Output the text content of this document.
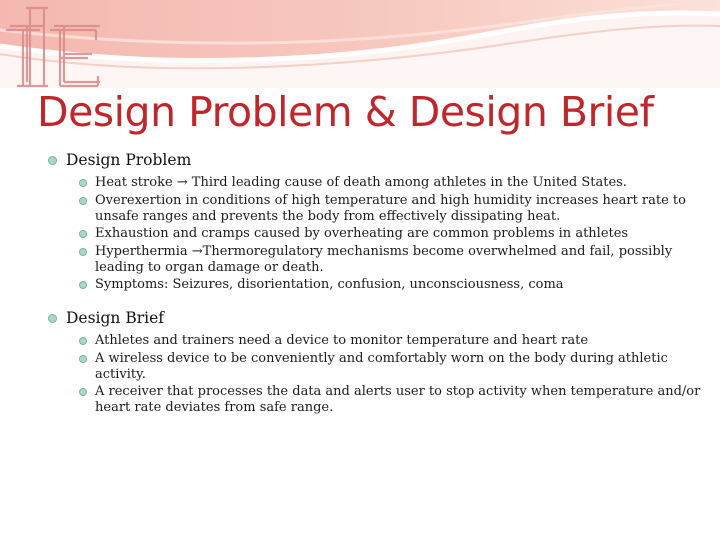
Design Problem & Design Brief
Design Problem
Heat stroke → Third leading cause of death among athletes in the United States.
Overexertion in conditions of high temperature and high humidity increases heart rate to unsafe ranges and prevents the body from effectively dissipating heat.
Exhaustion and cramps caused by overheating are common problems in athletes
Hyperthermia →Thermoregulatory mechanisms become overwhelmed and fail, possibly leading to organ damage or death.
Symptoms: Seizures, disorientation, confusion, unconsciousness, coma
Design Brief
Athletes and trainers need a device to monitor temperature and heart rate
A wireless device to be conveniently and comfortably worn on the body during athletic activity.
A receiver that processes the data and alerts user to stop activity when temperature and/or heart rate deviates from safe range.
